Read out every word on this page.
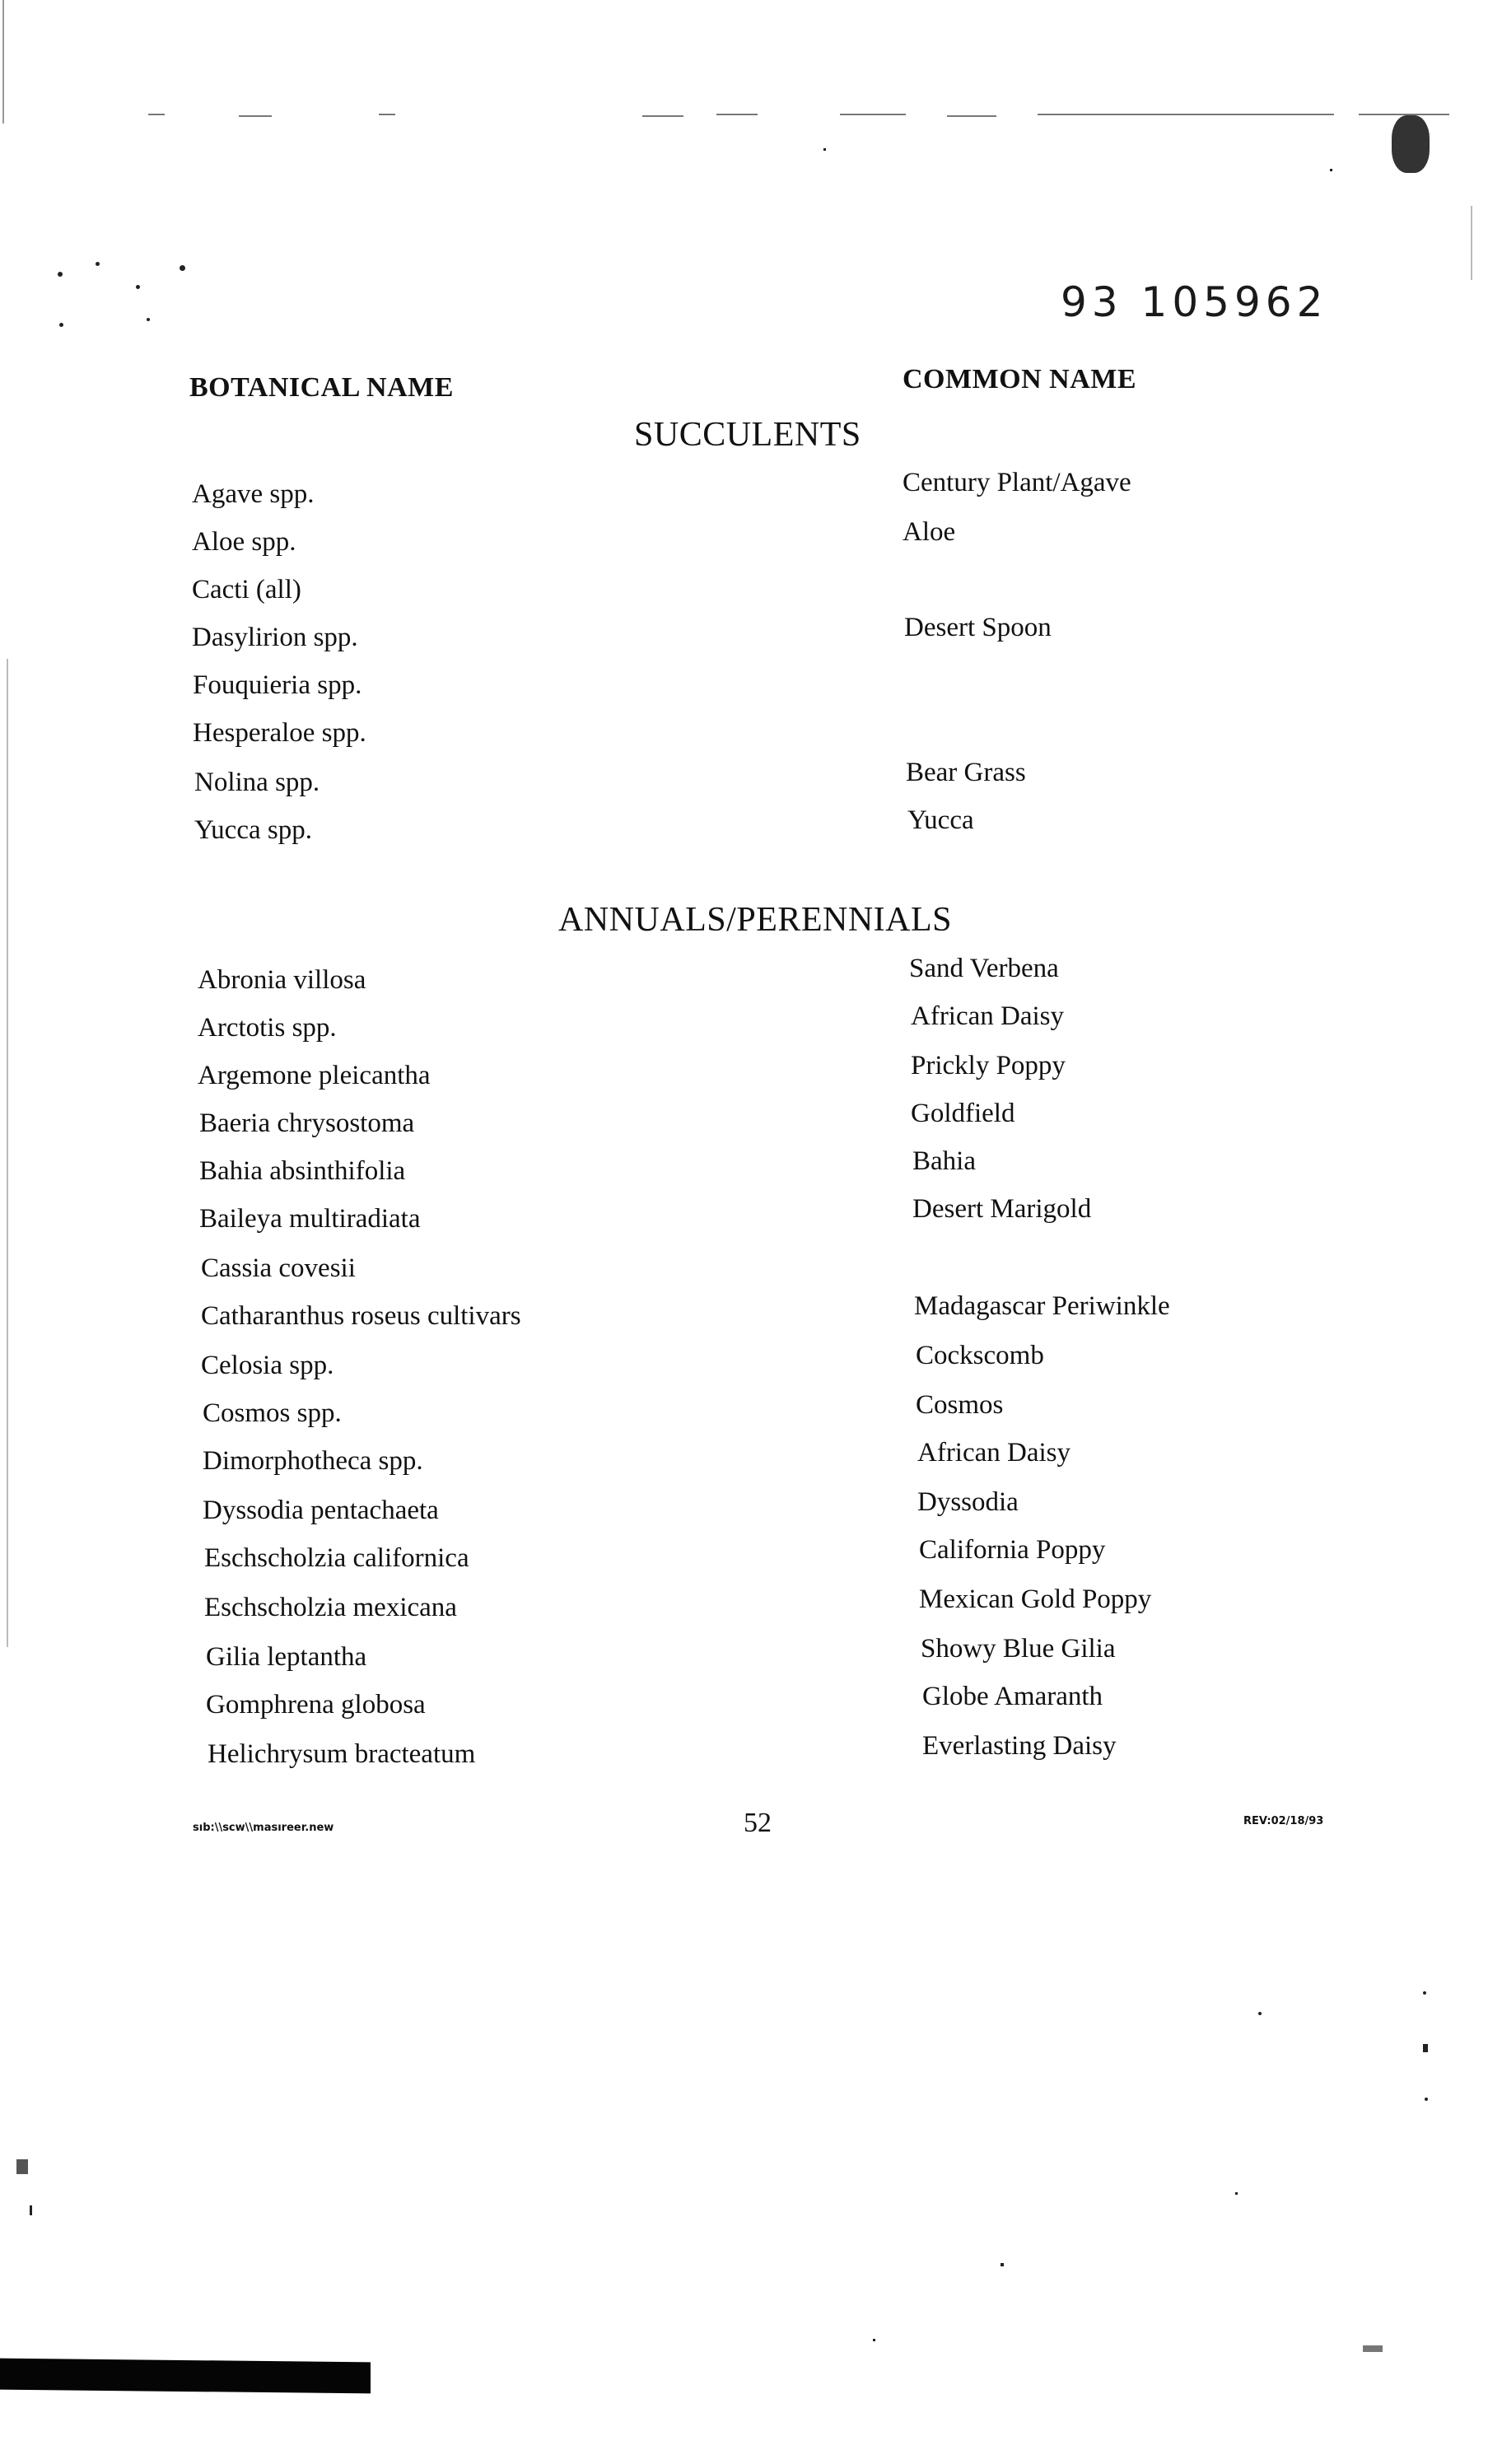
93 105962
BOTANICAL NAME	COMMON NAME
SUCCULENTS
Agave spp.	Century Plant/Agave
Aloe spp.	Aloe
Cacti (all)
Dasylirion spp.	Desert Spoon
Fouquieria spp.
Hesperaloe spp.
Nolina spp.	Bear Grass
Yucca spp.	Yucca
ANNUALS/PERENNIALS
Abronia villosa	Sand Verbena
Arctotis spp.	African Daisy
Argemone pleicantha	Prickly Poppy
Baeria chrysostoma	Goldfield
Bahia absinthifolia	Bahia
Baileya multiradiata	Desert Marigold
Cassia covesii
Catharanthus roseus cultivars	Madagascar Periwinkle
Celosia spp.	Cockscomb
Cosmos spp.	Cosmos
Dimorphotheca spp.	African Daisy
Dyssodia pentachaeta	Dyssodia
Eschscholzia californica	California Poppy
Eschscholzia mexicana	Mexican Gold Poppy
Gilia leptantha	Showy Blue Gilia
Gomphrena globosa	Globe Amaranth
Helichrysum bracteatum	Everlasting Daisy
sıb:\\scw\\masıreer.new	52	REV:02/18/93
